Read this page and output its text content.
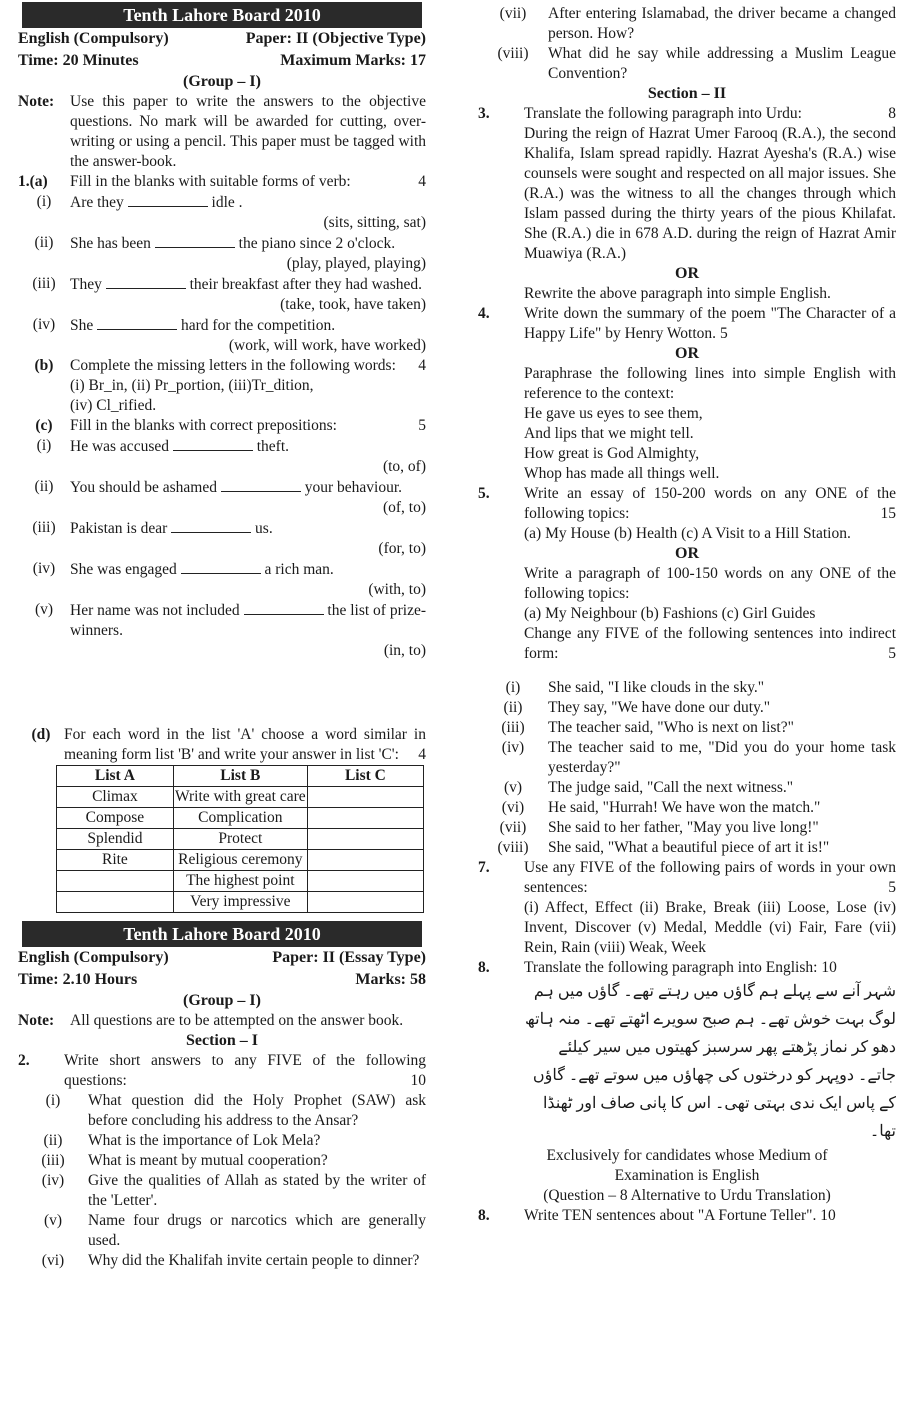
Tenth Lahore Board 2010
English (Compulsory)	Paper: II (Objective Type)
Time: 20 Minutes	Maximum Marks: 17
(Group – I)
Note:	Use this paper to write the answers to the objective questions. No mark will be awarded for cutting, over-writing or using a pencil. This paper must be tagged with the answer-book.
1.(a)	Fill in the blanks with suitable forms of verb:	4
(i)	Are they	idle .
(sits, sitting, sat)
(ii)	She has been	the piano since 2 o'clock.
(play, played, playing)
(iii) They	their breakfast after they had washed.
(take, took, have taken)
(iv) She	hard for the competition.
(work, will work, have worked)
(b)	Complete the missing letters in the following words: 4
(i) Br_in, (ii) Pr_portion, (iii)Tr_dition,
(iv) Cl_rified.
(c)	Fill in the blanks with correct prepositions:	5
(i)	He was accused	theft.
(to, of)
(ii)	You should be ashamed	your behaviour.
(of, to)
(iii) Pakistan is dear	us.
(for, to)
(iv) She was engaged	a rich man.
(with, to)
(v)	Her name was not included	the list of prize-winners.
(in, to)
(d) For each word in the list 'A' choose a word similar in meaning form list 'B' and write your answer in list 'C': 4
List A	List B	List C
Climax	Write with great care	
Compose	Complication	
Splendid	Protect	
Rite	Religious ceremony	
	The highest point	
	Very impressive	
Tenth Lahore Board 2010
English (Compulsory)	Paper: II (Essay Type)
Time: 2.10 Hours	Marks: 58
(Group – I)
Note:	All questions are to be attempted on the answer book.
Section – I
2.	Write short answers to any FIVE of the following questions:	10
(i)	What question did the Holy Prophet (SAW) ask before concluding his address to the Ansar?
(ii)	What is the importance of Lok Mela?
(iii)	What is meant by mutual cooperation?
(iv)	Give the qualities of Allah as stated by the writer of the 'Letter'.
(v)	Name four drugs or narcotics which are generally used.
(vi)	Why did the Khalifah invite certain people to dinner?
(vii)	After entering Islamabad, the driver became a changed person. How?
(viii)	What did he say while addressing a Muslim League Convention?
Section – II
3.	Translate the following paragraph into Urdu:	8
During the reign of Hazrat Umer Farooq (R.A.), the second Khalifa, Islam spread rapidly. Hazrat Ayesha's (R.A.) wise counsels were sought and respected on all major issues. She (R.A.) was the witness to all the changes through which Islam passed during the thirty years of the pious Khilafat. She (R.A.) die in 678 A.D. during the reign of Hazrat Amir Muawiya (R.A.)
OR
Rewrite the above paragraph into simple English.
4.	Write down the summary of the poem "The Character of a Happy Life" by Henry Wotton. 5
OR
Paraphrase the following lines into simple English with reference to the context:
He gave us eyes to see them,
And lips that we might tell.
How great is God Almighty,
Whop has made all things well.
5.	Write an essay of 150-200 words on any ONE of the following topics:	15
(a) My House (b) Health (c) A Visit to a Hill Station.
OR
Write a paragraph of 100-150 words on any ONE of the following topics:
(a) My Neighbour (b) Fashions (c) Girl Guides
Change any FIVE of the following sentences into indirect form:	5
(i)	She said, "I like clouds in the sky."
(ii)	They say, "We have done our duty."
(iii)	The teacher said, "Who is next on list?"
(iv)	The teacher said to me, "Did you do your home task yesterday?"
(v)	The judge said, "Call the next witness."
(vi)	He said, "Hurrah! We have won the match."
(vii)	She said to her father, "May you live long!"
(viii)	She said, "What a beautiful piece of art it is!"
7.	Use any FIVE of the following pairs of words in your own sentences:	5
(i) Affect, Effect (ii) Brake, Break (iii) Loose, Lose (iv) Invent, Discover (v) Medal, Meddle (vi) Fair, Fare (vii) Rein, Rain (viii) Weak, Week
8.	Translate the following paragraph into English: 10
شہر آنے سے پہلے ہم گاؤں میں رہتے تھے۔ گاؤں میں ہم لوگ بہت خوش تھے۔ ہم صبح سویرے اٹھتے تھے۔ منہ ہاتھ دھو کر نماز پڑھتے پھر سرسبز کھیتوں میں سیر کیلئے جاتے۔ دوپہر کو درختوں کی چھاؤں میں سوتے تھے۔ گاؤں کے پاس ایک ندی بہتی تھی۔ اس کا پانی صاف اور ٹھنڈا تھا۔
Exclusively for candidates whose Medium of
Examination is English
(Question – 8 Alternative to Urdu Translation)
8.	Write TEN sentences about "A Fortune Teller". 10
